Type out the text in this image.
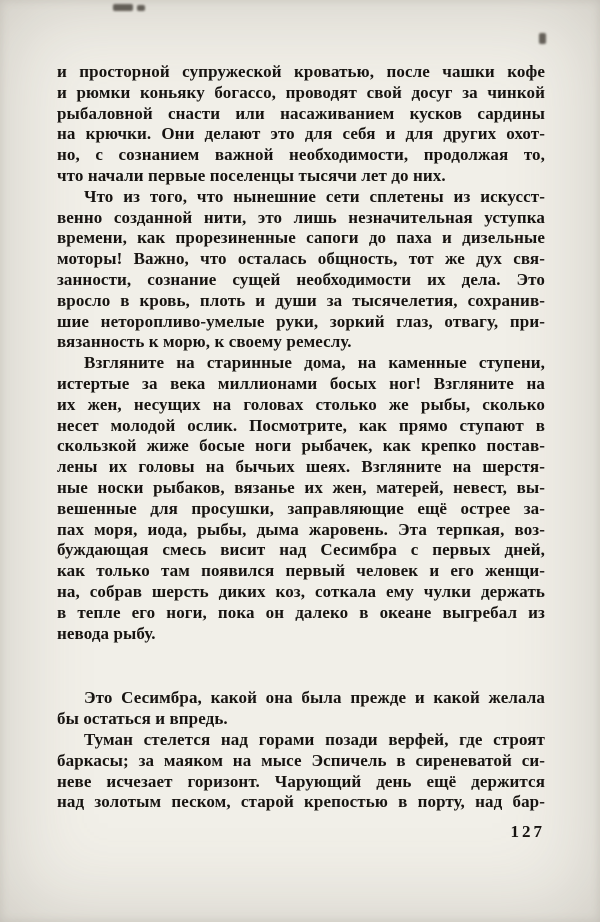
и просторной супружеской кроватью, после чашки кофе
и рюмки коньяку богассо, проводят свой досуг за чинкой
рыбаловной снасти или насаживанием кусков сардины
на крючки. Они делают это для себя и для других охот-
но, с сознанием важной необходимости, продолжая то,
что начали первые поселенцы тысячи лет до них.
Что из того, что нынешние сети сплетены из искусст-
венно созданной нити, это лишь незначительная уступка
времени, как прорезиненные сапоги до паха и дизельные
моторы! Важно, что осталась общность, тот же дух свя-
занности, сознание сущей необходимости их дела. Это
вросло в кровь, плоть и души за тысячелетия, сохранив-
шие неторопливо-умелые руки, зоркий глаз, отвагу, при-
вязанность к морю, к своему ремеслу.
Взгляните на старинные дома, на каменные ступени,
истертые за века миллионами босых ног! Взгляните на
их жен, несущих на головах столько же рыбы, сколько
несет молодой ослик. Посмотрите, как прямо ступают в
скользкой жиже босые ноги рыбачек, как крепко постав-
лены их головы на бычьих шеях. Взгляните на шерстя-
ные носки рыбаков, вязанье их жен, матерей, невест, вы-
вешенные для просушки, заправляющие ещё острее за-
пах моря, иода, рыбы, дыма жаровень. Эта терпкая, воз-
буждающая смесь висит над Сесимбра с первых дней,
как только там появился первый человек и его женщи-
на, собрав шерсть диких коз, соткала ему чулки держать
в тепле его ноги, пока он далеко в океане выгребал из
невода рыбу.
Это Сесимбра, какой она была прежде и какой желала
бы остаться и впредь.
Туман стелется над горами позади верфей, где строят
баркасы; за маяком на мысе Эспичель в сиреневатой си-
неве исчезает горизонт. Чарующий день ещё держится
над золотым песком, старой крепостью в порту, над бар-
127
